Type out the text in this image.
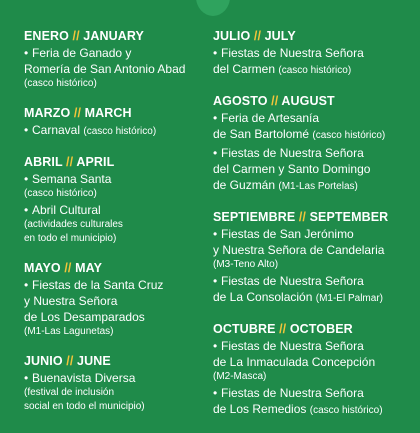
ENERO // JANUARY
• Feria de Ganado y
Romería de San Antonio Abad
(casco histórico)
MARZO // MARCH
• Carnaval (casco histórico)
ABRIL // APRIL
• Semana Santa
(casco histórico)
• Abril Cultural
(actividades culturales
en todo el municipio)
MAYO // MAY
• Fiestas de la Santa Cruz
y Nuestra Señora
de Los Desamparados
(M1-Las Lagunetas)
JUNIO // JUNE
• Buenavista Diversa
(festival de inclusión
social en todo el municipio)
JULIO // JULY
• Fiestas de Nuestra Señora
del Carmen (casco histórico)
AGOSTO // AUGUST
• Feria de Artesanía
de San Bartolomé (casco histórico)
• Fiestas de Nuestra Señora
del Carmen y Santo Domingo
de Guzmán (M1-Las Portelas)
SEPTIEMBRE // SEPTEMBER
• Fiestas de San Jerónimo
y Nuestra Señora de Candelaria
(M3-Teno Alto)
• Fiestas de Nuestra Señora
de La Consolación (M1-El Palmar)
OCTUBRE // OCTOBER
• Fiestas de Nuestra Señora
de La Inmaculada Concepción
(M2-Masca)
• Fiestas de Nuestra Señora
de Los Remedios (casco histórico)
